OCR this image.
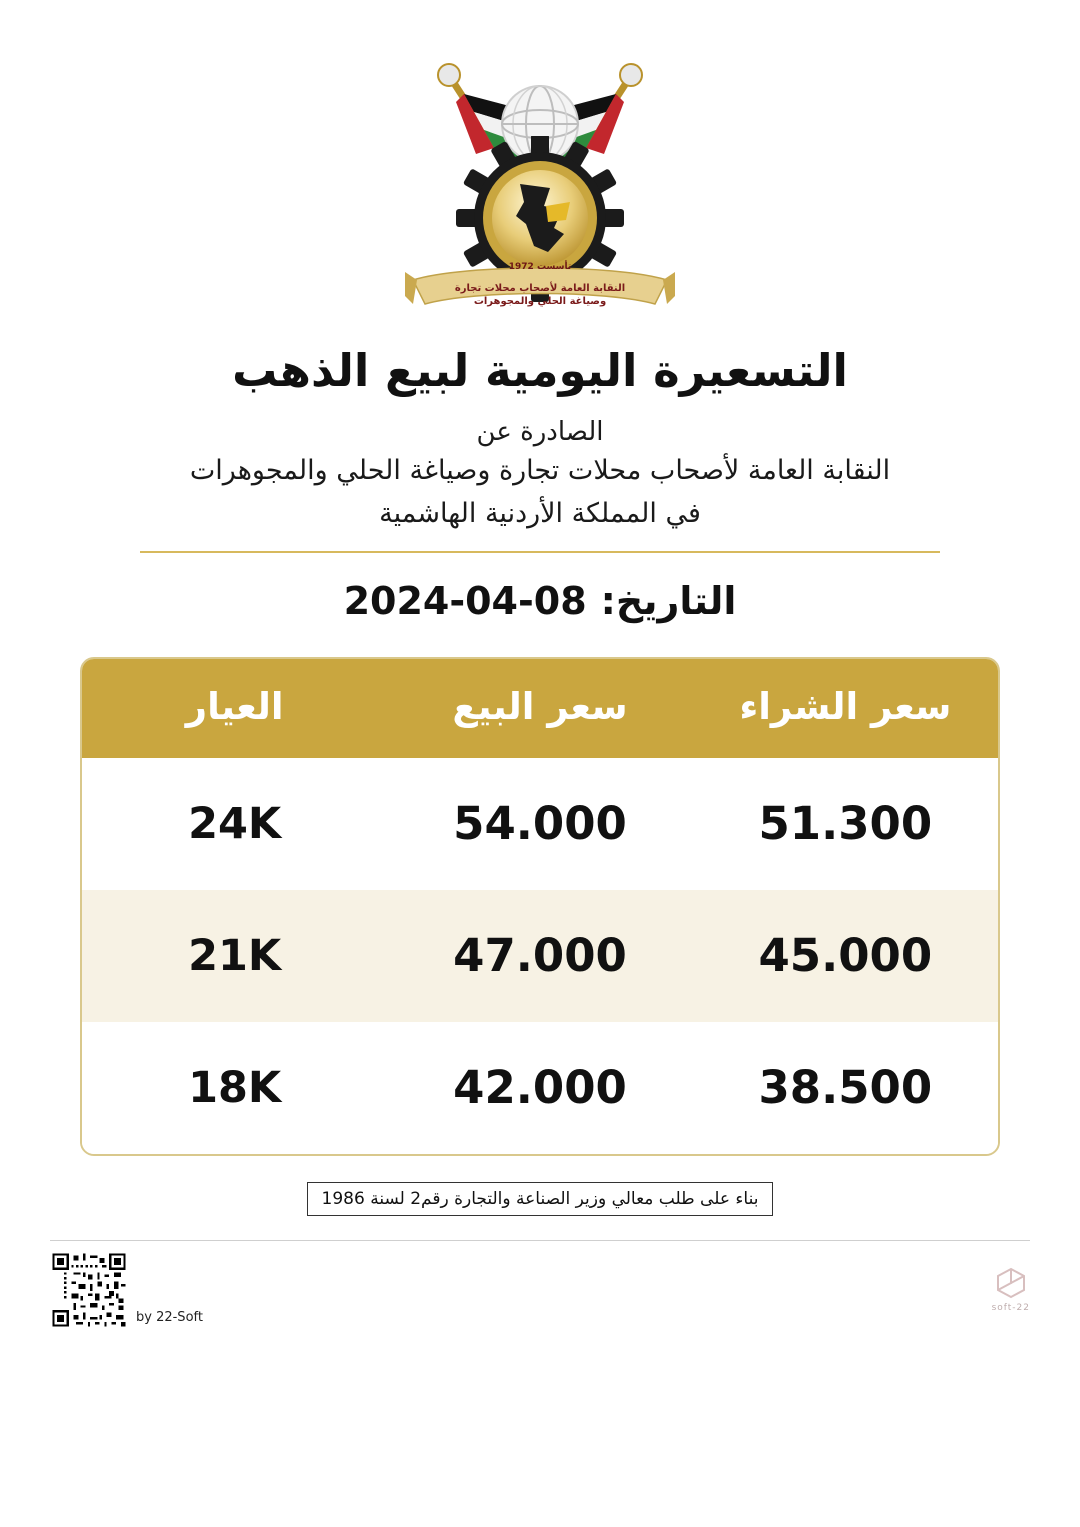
تأسست 1972
النقابة العامة لأصحاب محلات تجارة وصياغة الحلي والمجوهرات
التسعيرة اليومية لبيع الذهب
الصادرة عن
النقابة العامة لأصحاب محلات تجارة وصياغة الحلي والمجوهرات
في المملكة الأردنية الهاشمية
التاريخ:
2024-04-08
سعر الشراء	سعر البيع	العيار
51.300	54.000	24K
45.000	47.000	21K
38.500	42.000	18K
بناء على طلب معالي وزير الصناعة والتجارة رقم2 لسنة 1986
by 22-Soft
22-soft
